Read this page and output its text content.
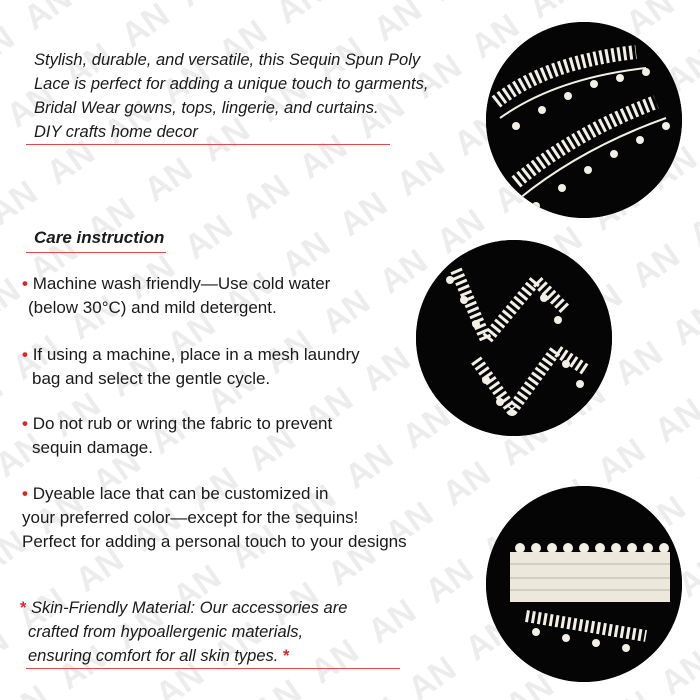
Stylish, durable, and versatile, this Sequin Spun Poly
Lace is perfect for adding a unique touch to garments,
Bridal Wear gowns, tops, lingerie, and curtains.
DIY crafts home decor

Care instruction

• Machine wash friendly—Use cold water
(below 30°C) and mild detergent.

• If using a machine, place in a mesh laundry
bag and select the gentle cycle.

• Do not rub or wring the fabric to prevent
sequin damage.

• Dyeable lace that can be customized in
your preferred color—except for the sequins!
Perfect for adding a personal touch to your designs

* Skin-Friendly Material: Our accessories are
crafted from hypoallergenic materials,
ensuring comfort for all skin types. *
